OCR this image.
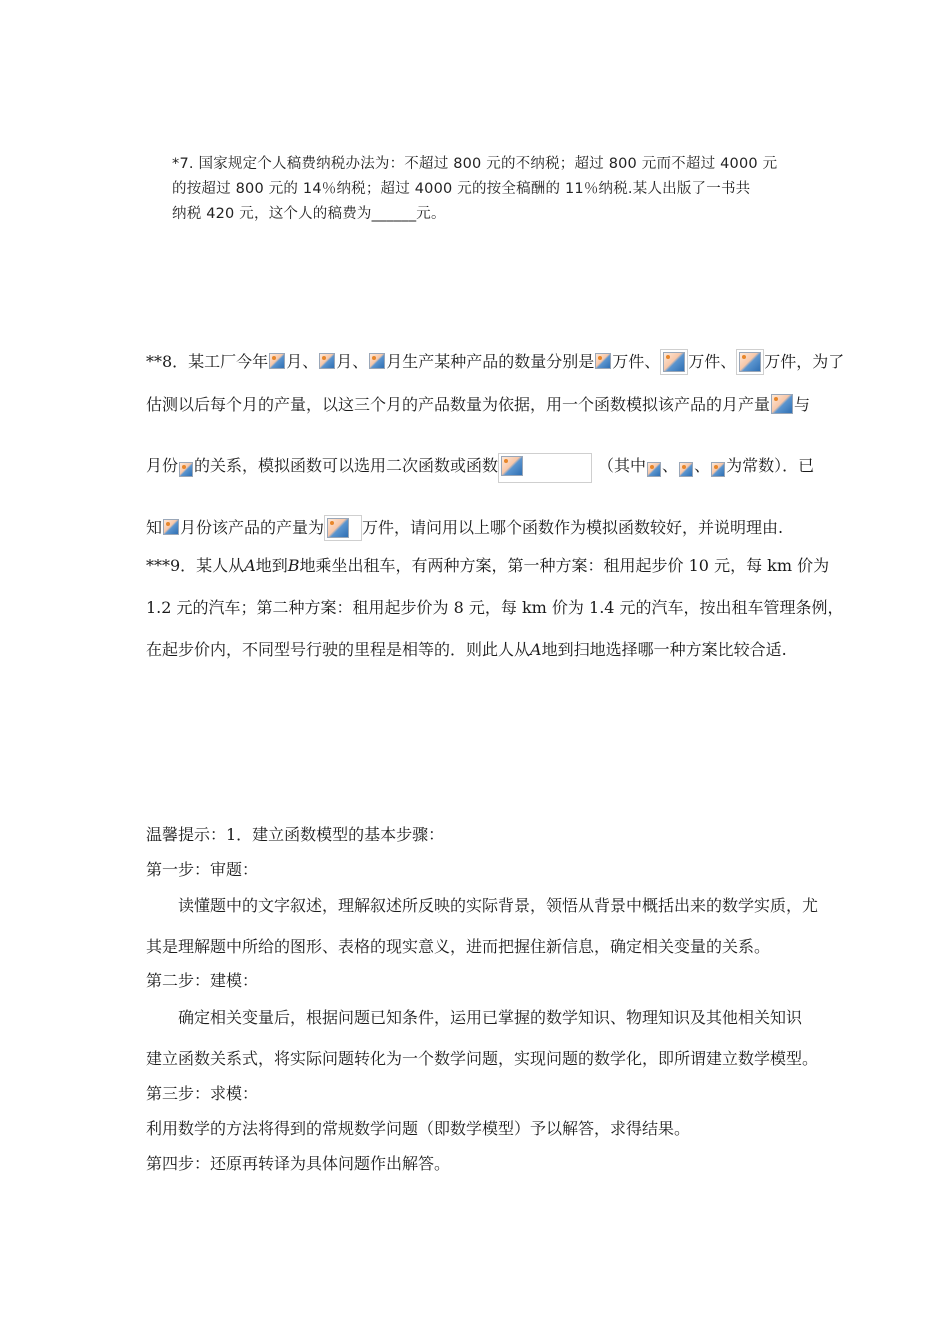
*7. 国家规定个人稿费纳税办法为：不超过 800 元的不纳税；超过 800 元而不超过 4000 元
的按超过 800 元的 14％纳税；超过 4000 元的按全稿酬的 11％纳税.某人出版了一书共
纳税 420 元，这个人的稿费为______元。
**8．某工厂今年 月、 月、 月生产某种产品的数量分别是 万件、 万件、 万件，为了
估测以后每个月的产量，以这三个月的产品数量为依据，用一个函数模拟该产品的月产量 与
月份 的关系，模拟函数可以选用二次函数或函数	（其中 、 、 为常数）．已
知 月份该产品的产量为 万件，请问用以上哪个函数作为模拟函数较好，并说明理由.
***9．某人从A地到B地乘坐出租车，有两种方案，第一种方案：租用起步价 10 元，每 km 价为
1.2 元的汽车；第二种方案：租用起步价为 8 元，每 km 价为 1.4 元的汽车，按出租车管理条例，
在起步价内，不同型号行驶的里程是相等的．则此人从A地到扫地选择哪一种方案比较合适.
温馨提示：1．建立函数模型的基本步骤：
第一步：审题：
读懂题中的文字叙述，理解叙述所反映的实际背景，领悟从背景中概括出来的数学实质，尤
其是理解题中所给的图形、表格的现实意义，进而把握住新信息，确定相关变量的关系。
第二步：建模：
确定相关变量后，根据问题已知条件，运用已掌握的数学知识、物理知识及其他相关知识
建立函数关系式，将实际问题转化为一个数学问题，实现问题的数学化，即所谓建立数学模型。
第三步：求模：
利用数学的方法将得到的常规数学问题（即数学模型）予以解答，求得结果。
第四步：还原再转译为具体问题作出解答。
